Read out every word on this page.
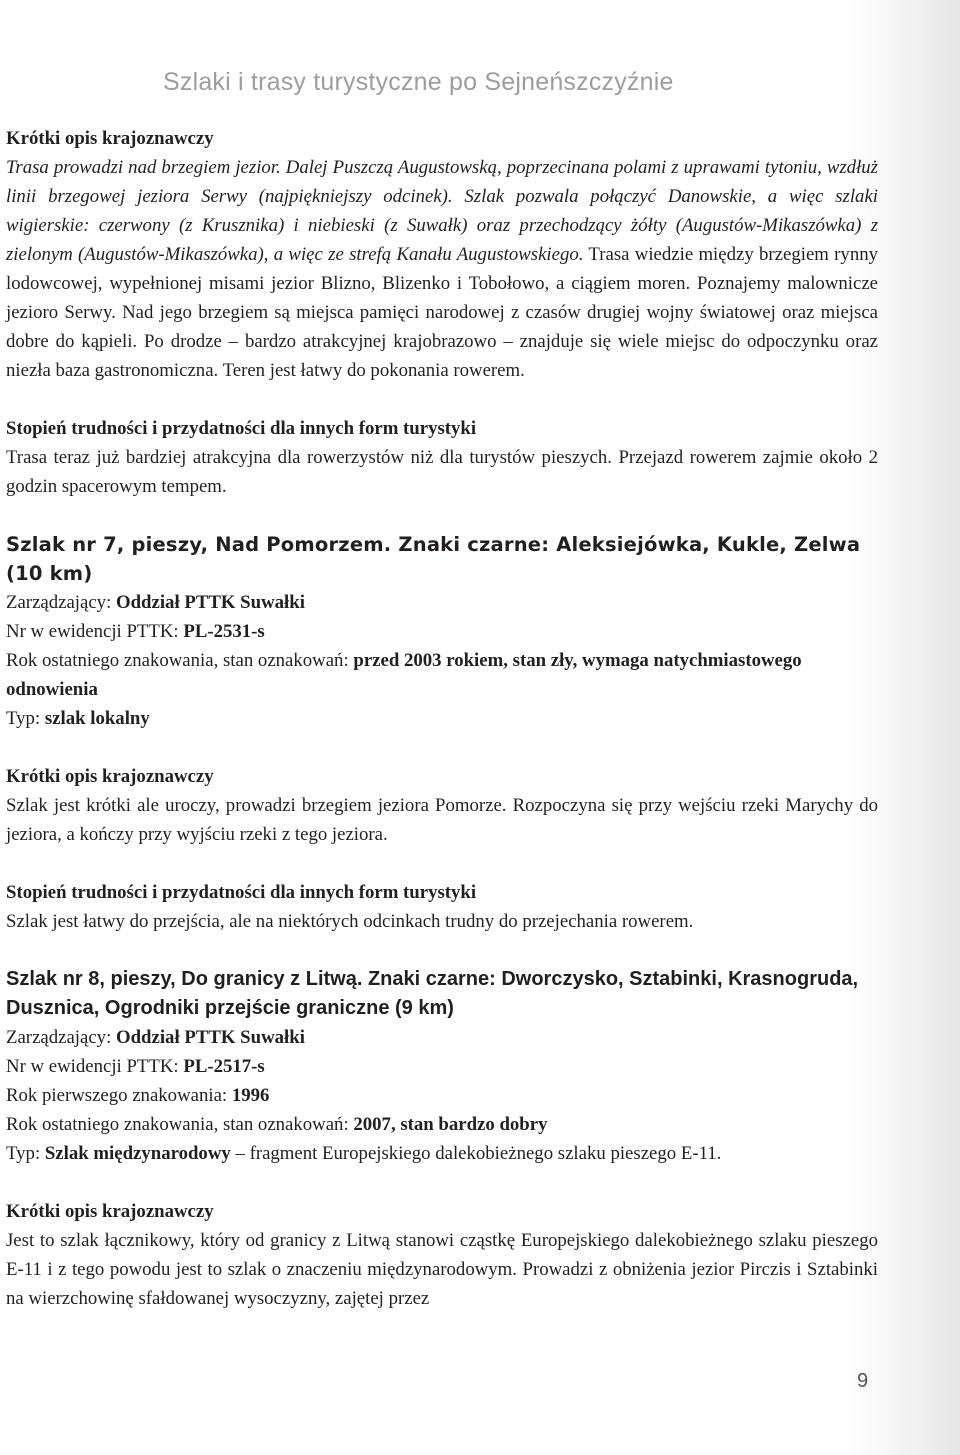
Szlaki i trasy turystyczne po Sejneńszczyźnie

Krótki opis krajoznawczy

Trasa prowadzi nad brzegiem jezior. Dalej Puszczą Augustowską, poprzecinana polami z uprawami tytoniu, wzdłuż linii brzegowej jeziora Serwy (najpiękniejszy odcinek). Szlak pozwala połączyć Danowskie, a więc szlaki wigierskie: czerwony (z Krusznika) i niebieski (z Suwałk) oraz przechodzący żółty (Augustów-Mikaszówka) z zielonym (Augustów-Mikaszówka), a więc ze strefą Kanału Augustowskiego. Trasa wiedzie między brzegiem rynny lodowcowej, wypełnionej misami jezior Blizno, Blizenko i Tobołowo, a ciągiem moren. Poznajemy malownicze jezioro Serwy. Nad jego brzegiem są miejsca pamięci narodowej z czasów drugiej wojny światowej oraz miejsca dobre do kąpieli. Po drodze – bardzo atrakcyjnej krajobrazowo – znajduje się wiele miejsc do odpoczynku oraz niezła baza gastronomiczna. Teren jest łatwy do pokonania rowerem.

Stopień trudności i przydatności dla innych form turystyki

Trasa teraz już bardziej atrakcyjna dla rowerzystów niż dla turystów pieszych. Przejazd rowerem zajmie około 2 godzin spacerowym tempem.

Szlak nr 7, pieszy, Nad Pomorzem. Znaki czarne: Aleksiejówka, Kukle, Zelwa (10 km)

Zarządzający: Oddział PTTK Suwałki

Nr w ewidencji PTTK: PL-2531-s

Rok ostatniego znakowania, stan oznakowań: przed 2003 rokiem, stan zły, wymaga natychmiastowego odnowienia

Typ: szlak lokalny

Krótki opis krajoznawczy

Szlak jest krótki ale uroczy, prowadzi brzegiem jeziora Pomorze. Rozpoczyna się przy wejściu rzeki Marychy do jeziora, a kończy przy wyjściu rzeki z tego jeziora.

Stopień trudności i przydatności dla innych form turystyki

Szlak jest łatwy do przejścia, ale na niektórych odcinkach trudny do przejechania rowerem.

Szlak nr 8, pieszy, Do granicy z Litwą. Znaki czarne: Dworczysko, Sztabinki, Krasnogruda, Dusznica, Ogrodniki przejście graniczne (9 km)

Zarządzający: Oddział PTTK Suwałki

Nr w ewidencji PTTK: PL-2517-s

Rok pierwszego znakowania: 1996

Rok ostatniego znakowania, stan oznakowań: 2007, stan bardzo dobry

Typ: Szlak międzynarodowy – fragment Europejskiego dalekobieżnego szlaku pieszego E-11.

Krótki opis krajoznawczy

Jest to szlak łącznikowy, który od granicy z Litwą stanowi cząstkę Europejskiego dalekobieżnego szlaku pieszego E-11 i z tego powodu jest to szlak o znaczeniu międzynarodowym. Prowadzi z obniżenia jezior Pirczis i Sztabinki na wierzchowinę sfałdowanej wysoczyzny, zajętej przez

9
